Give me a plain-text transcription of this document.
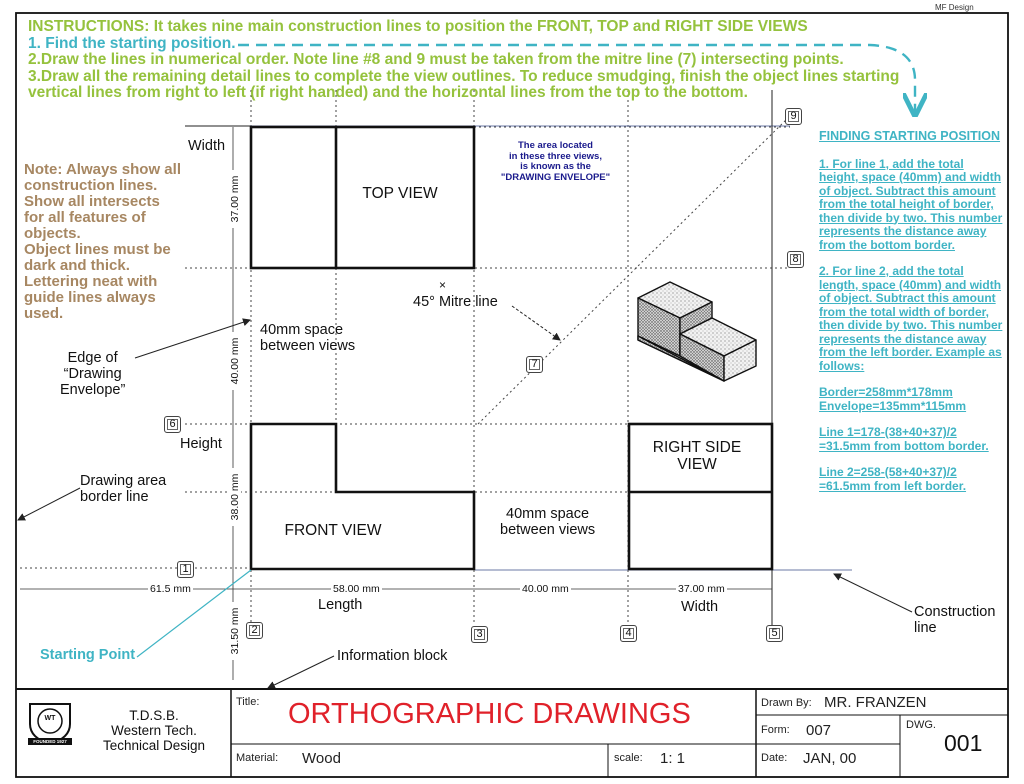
MF Design
INSTRUCTIONS: It takes nine main construction lines to position the FRONT, TOP and RIGHT SIDE VIEWS
1. Find the starting position.
2.Draw the lines in numerical order. Note line #8 and 9 must be taken from the mitre line (7) intersecting points.
3.Draw all the remaining detail lines to complete the view outlines. To reduce smudging, finish the object lines starting
vertical lines from right to left (if right handed) and the horizontal lines from the top to the bottom.
Note: Always show all
construction lines.
Show all intersects
for all features of
objects.
Object lines must be
dark and thick.
Lettering neat with
guide lines always
used.
FINDING STARTING POSITION
1. For line 1, add the total height, space (40mm) and width of object. Subtract this amount from the total height of border, then divide by two. This number represents the distance away from the bottom border.
2. For line 2, add the total length, space (40mm) and width of object. Subtract this amount from the total width of border, then divide by two. This number represents the distance away from the left border. Example as follows:
Border=258mm*178mm
Envelope=135mm*115mm
Line 1=178-(38+40+37)/2
=31.5mm from bottom border.
Line 2=258-(58+40+37)/2
=61.5mm from left border.
The area located
in these three views,
is known as the
"DRAWING ENVELOPE"
TOP VIEW
FRONT VIEW
RIGHT SIDE
VIEW
Width
Height
×
45° Mitre line
40mm space
between views
40mm space
between views
Edge of
“Drawing
Envelope”
Drawing area
border line
Construction
line
Starting Point	Information block
Length	Width
37.00 mm
40.00 mm
38.00 mm
31.50 mm
61.5 mm	58.00 mm	40.00 mm	37.00 mm
1
2	3	4	5
6
7
8
9
T.D.S.B.
Western Tech.
Technical Design
WT
FOUNDED 1927
Title: ORTHOGRAPHIC DRAWINGS
Material: Wood	scale: 1: 1
Drawn By: MR. FRANZEN
Form: 007
Date: JAN, 00
DWG.
001
